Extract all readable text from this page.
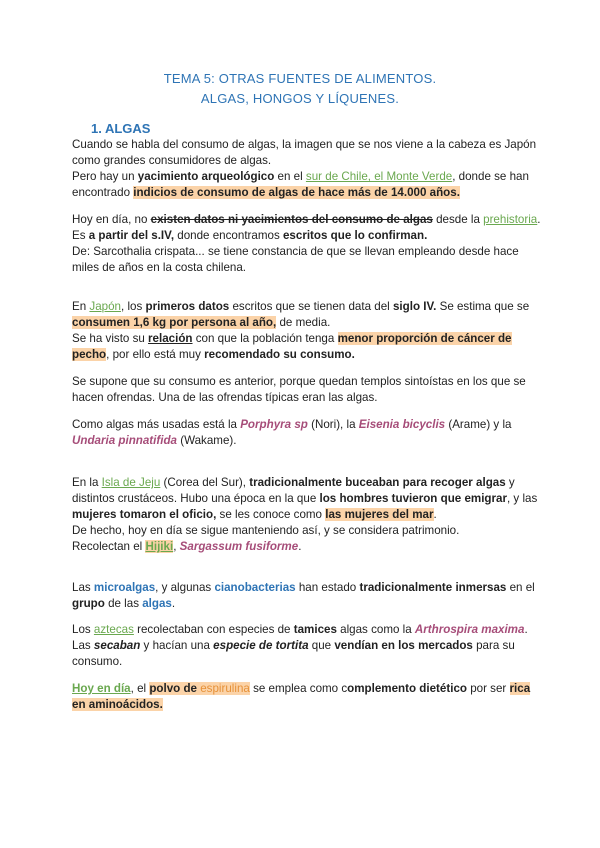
TEMA 5: OTRAS FUENTES DE ALIMENTOS.
ALGAS, HONGOS Y LÍQUENES.
1. ALGAS
Cuando se habla del consumo de algas, la imagen que se nos viene a la cabeza es Japón
como grandes consumidores de algas.
Pero hay un yacimiento arqueológico en el sur de Chile, el Monte Verde, donde se han
encontrado indicios de consumo de algas de hace más de 14.000 años.
Hoy en día, no existen datos ni yacimientos del consumo de algas desde la prehistoria.
Es a partir del s.IV, donde encontramos escritos que lo confirman.
De: Sarcothalia crispata... se tiene constancia de que se llevan empleando desde hace
miles de años en la costa chilena.
En Japón, los primeros datos escritos que se tienen data del siglo IV. Se estima que se
consumen 1,6 kg por persona al año, de media.
Se ha visto su relación con que la población tenga menor proporción de cáncer de
pecho, por ello está muy recomendado su consumo.
Se supone que su consumo es anterior, porque quedan templos sintoístas en los que se
hacen ofrendas. Una de las ofrendas típicas eran las algas.
Como algas más usadas está la Porphyra sp (Nori), la Eisenia bicyclis (Arame) y la
Undaria pinnatifida (Wakame).
En la Isla de Jeju (Corea del Sur), tradicionalmente buceaban para recoger algas y
distintos crustáceos. Hubo una época en la que los hombres tuvieron que emigrar, y las
mujeres tomaron el oficio, se les conoce como las mujeres del mar.
De hecho, hoy en día se sigue manteniendo así, y se considera patrimonio.
Recolectan el Hijiki, Sargassum fusiforme.
Las microalgas, y algunas cianobacterias han estado tradicionalmente inmersas en el
grupo de las algas.
Los aztecas recolectaban con especies de tamices algas como la Arthrospira maxima.
Las secaban y hacían una especie de tortita que vendían en los mercados para su
consumo.
Hoy en día, el polvo de espirulina se emplea como complemento dietético por ser rica
en aminoácidos.
